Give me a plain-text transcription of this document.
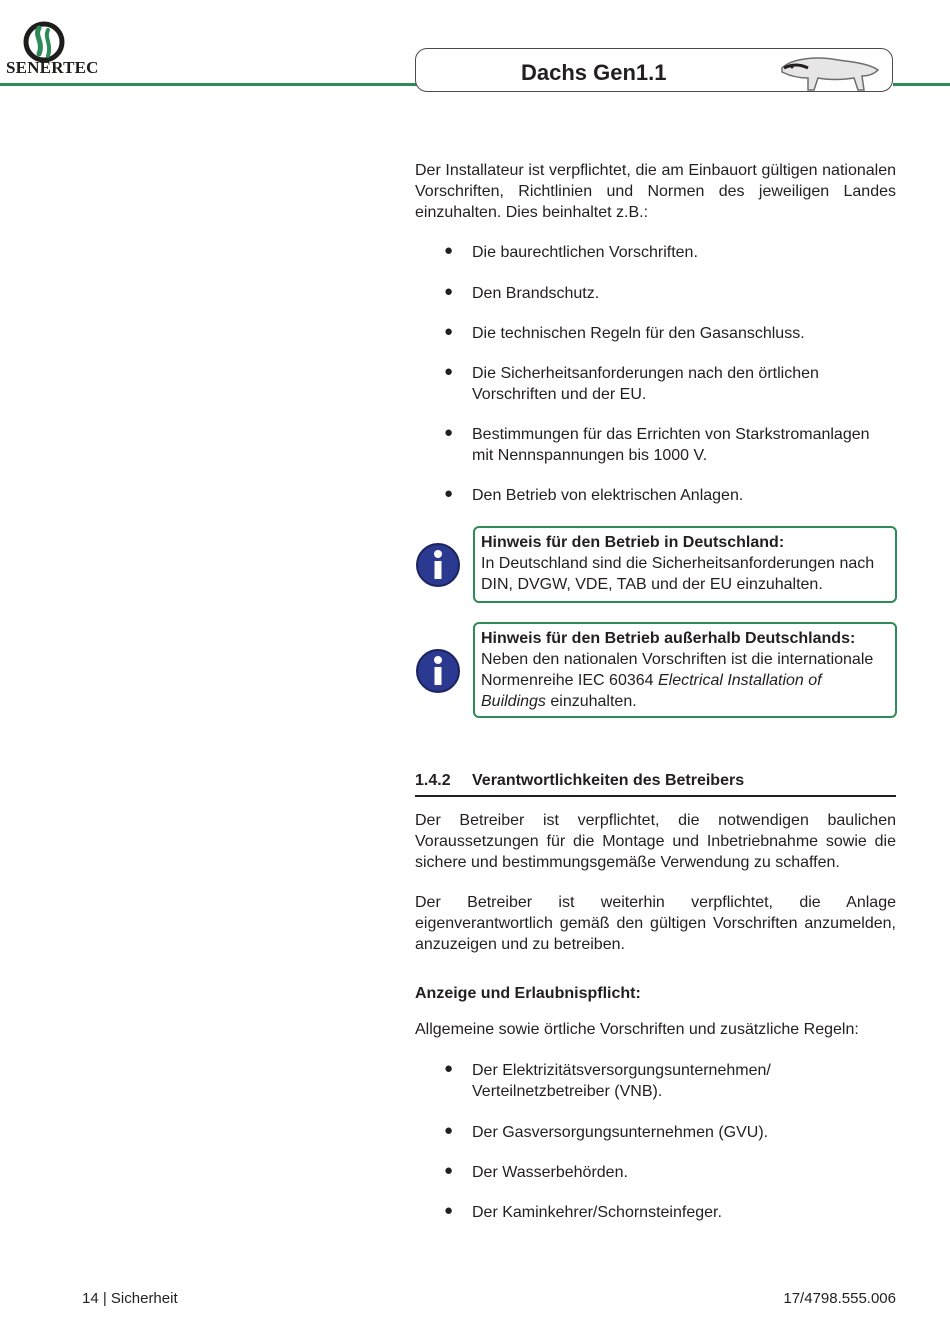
SENERTEC	Dachs Gen1.1
Der Installateur ist verpflichtet, die am Einbauort gültigen nationalen Vorschriften, Richtlinien und Normen des jeweiligen Landes einzuhalten. Dies beinhaltet z.B.:
● Die baurechtlichen Vorschriften.
● Den Brandschutz.
● Die technischen Regeln für den Gasanschluss.
● Die Sicherheitsanforderungen nach den örtlichen Vorschriften und der EU.
● Bestimmungen für das Errichten von Starkstromanlagen mit Nennspannungen bis 1000 V.
● Den Betrieb von elektrischen Anlagen.
Hinweis für den Betrieb in Deutschland:
In Deutschland sind die Sicherheitsanforderungen nach DIN, DVGW, VDE, TAB und der EU einzuhalten.
Hinweis für den Betrieb außerhalb Deutschlands:
Neben den nationalen Vorschriften ist die internationale Normenreihe IEC 60364 Electrical Installation of Buildings einzuhalten.
1.4.2 Verantwortlichkeiten des Betreibers
Der Betreiber ist verpflichtet, die notwendigen baulichen Voraussetzungen für die Montage und Inbetriebnahme sowie die sichere und bestimmungsgemäße Verwendung zu schaffen.
Der Betreiber ist weiterhin verpflichtet, die Anlage eigenverantwortlich gemäß den gültigen Vorschriften anzumelden, anzuzeigen und zu betreiben.
Anzeige und Erlaubnispflicht:
Allgemeine sowie örtliche Vorschriften und zusätzliche Regeln:
● Der Elektrizitätsversorgungsunternehmen/ Verteilnetzbetreiber (VNB).
● Der Gasversorgungsunternehmen (GVU).
● Der Wasserbehörden.
● Der Kaminkehrer/Schornsteinfeger.
14 | Sicherheit	17/4798.555.006
